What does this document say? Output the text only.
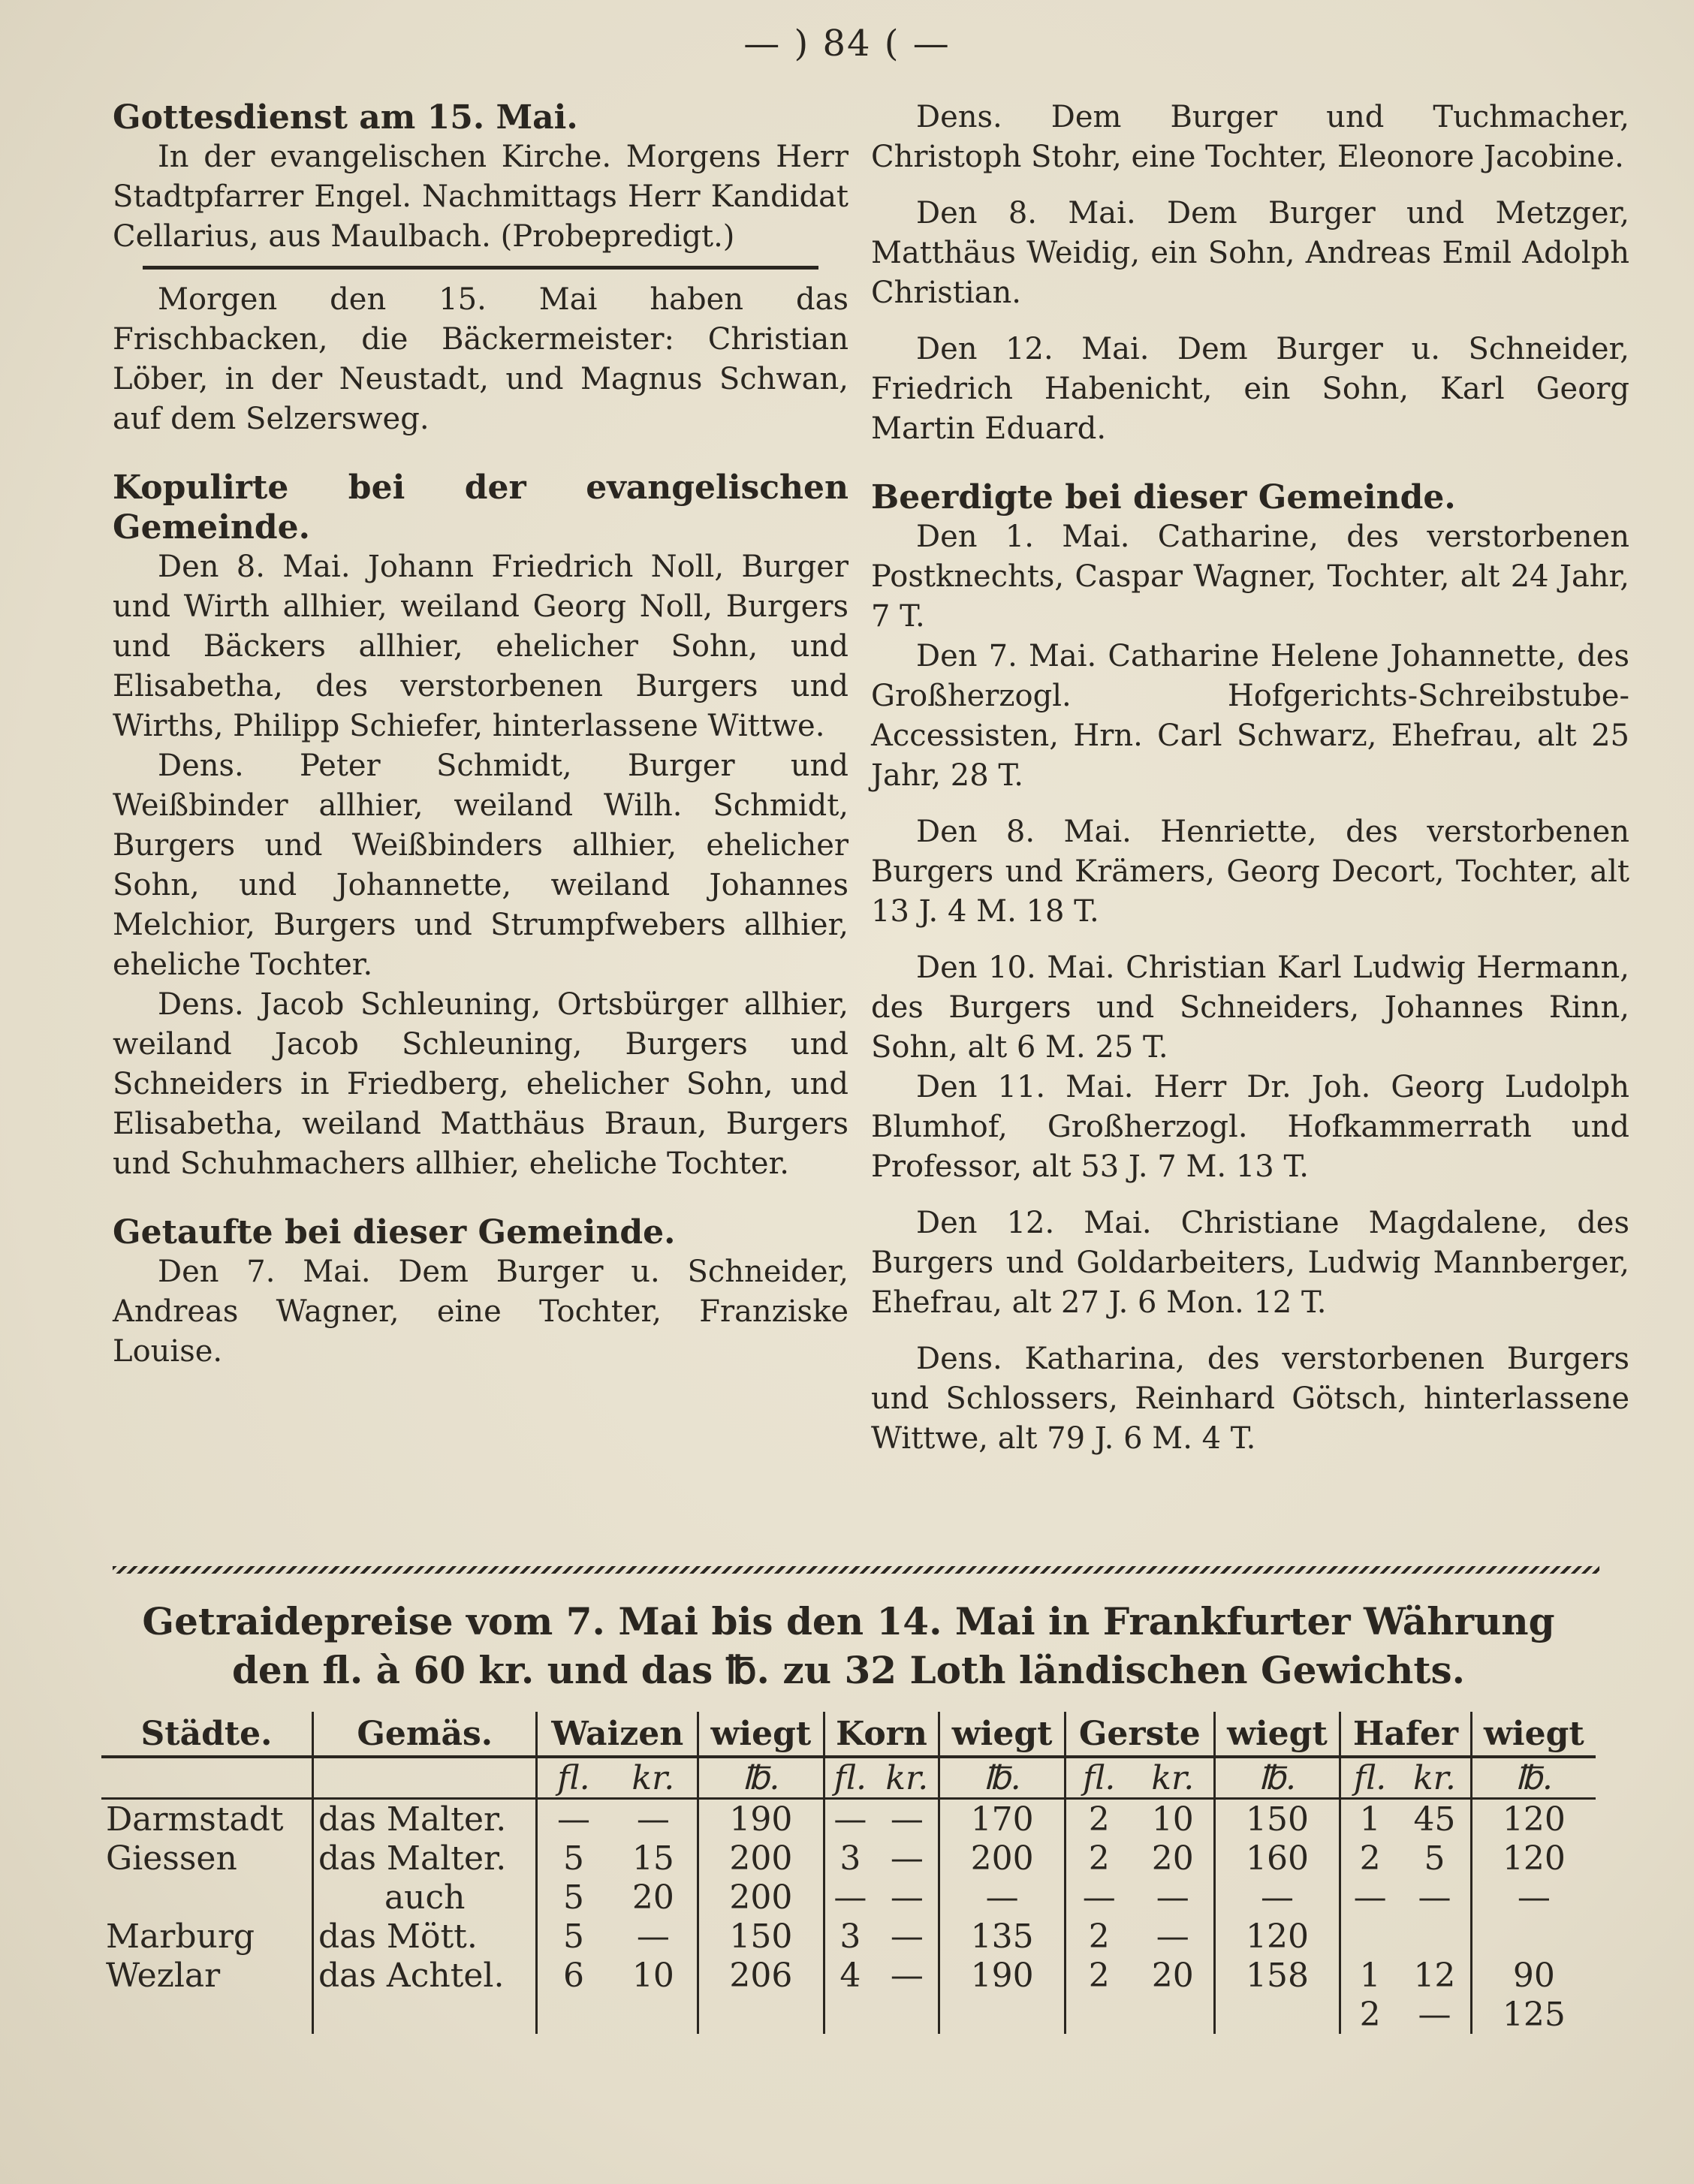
— ) 84 ( —

Gottesdienst am 15. Mai.

In der evangelischen Kirche. Morgens Herr Stadtpfarrer Engel. Nachmittags Herr Kandidat Cellarius, aus Maulbach. (Probepredigt.)

Morgen den 15. Mai haben das Frischbacken, die Bäckermeister: Christian Löber, in der Neustadt, und Magnus Schwan, auf dem Selzersweg.

Kopulirte bei der evangelischen Gemeinde.

Den 8. Mai. Johann Friedrich Noll, Burger und Wirth allhier, weiland Georg Noll, Burgers und Bäckers allhier, ehelicher Sohn, und Elisabetha, des verstorbenen Burgers und Wirths, Philipp Schiefer, hinterlassene Wittwe.

Dens. Peter Schmidt, Burger und Weißbinder allhier, weiland Wilh. Schmidt, Burgers und Weißbinders allhier, ehelicher Sohn, und Johannette, weiland Johannes Melchior, Burgers und Strumpfwebers allhier, eheliche Tochter.

Dens. Jacob Schleuning, Ortsbürger allhier, weiland Jacob Schleuning, Burgers und Schneiders in Friedberg, ehelicher Sohn, und Elisabetha, weiland Matthäus Braun, Burgers und Schuhmachers allhier, eheliche Tochter.

Getaufte bei dieser Gemeinde.

Den 7. Mai. Dem Burger u. Schneider, Andreas Wagner, eine Tochter, Franziske Louise.

Dens. Dem Burger und Tuchmacher, Christoph Stohr, eine Tochter, Eleonore Jacobine.

Den 8. Mai. Dem Burger und Metzger, Matthäus Weidig, ein Sohn, Andreas Emil Adolph Christian.

Den 12. Mai. Dem Burger u. Schneider, Friedrich Habenicht, ein Sohn, Karl Georg Martin Eduard.

Beerdigte bei dieser Gemeinde.

Den 1. Mai. Catharine, des verstorbenen Postknechts, Caspar Wagner, Tochter, alt 24 Jahr, 7 T.

Den 7. Mai. Catharine Helene Johannette, des Großherzogl. Hofgerichts-Schreibstube-Accessisten, Hrn. Carl Schwarz, Ehefrau, alt 25 Jahr, 28 T.

Den 8. Mai. Henriette, des verstorbenen Burgers und Krämers, Georg Decort, Tochter, alt 13 J. 4 M. 18 T.

Den 10. Mai. Christian Karl Ludwig Hermann, des Burgers und Schneiders, Johannes Rinn, Sohn, alt 6 M. 25 T.

Den 11. Mai. Herr Dr. Joh. Georg Ludolph Blumhof, Großherzogl. Hofkammerrath und Professor, alt 53 J. 7 M. 13 T.

Den 12. Mai. Christiane Magdalene, des Burgers und Goldarbeiters, Ludwig Mannberger, Ehefrau, alt 27 J. 6 Mon. 12 T.

Dens. Katharina, des verstorbenen Burgers und Schlossers, Reinhard Götsch, hinterlassene Wittwe, alt 79 J. 6 M. 4 T.

Getraidepreise vom 7. Mai bis den 14. Mai in Frankfurter Währung
den fl. à 60 kr. und das ℔. zu 32 Loth ländischen Gewichts.
Städte.	Gemäs.	Waizen		wiegt	Korn		wiegt	Gerste		wiegt	Hafer		wiegt
		fl.	kr.	℔.	fl.	kr.	℔.	fl.	kr.	℔.	fl.	kr.	℔.
Darmstadt	das Malter.	—	—	190	—	—	170	2	10	150	1	45	120
Giessen	das Malter.	5	15	200	3	—	200	2	20	160	2	5	120
	auch	5	20	200	—	—	—	—	—	—	—	—	—
Marburg	das Mött.	5	—	150	3	—	135	2	—	120			
Wezlar	das Achtel.	6	10	206	4	—	190	2	20	158	1	12	90
											2	—	125
